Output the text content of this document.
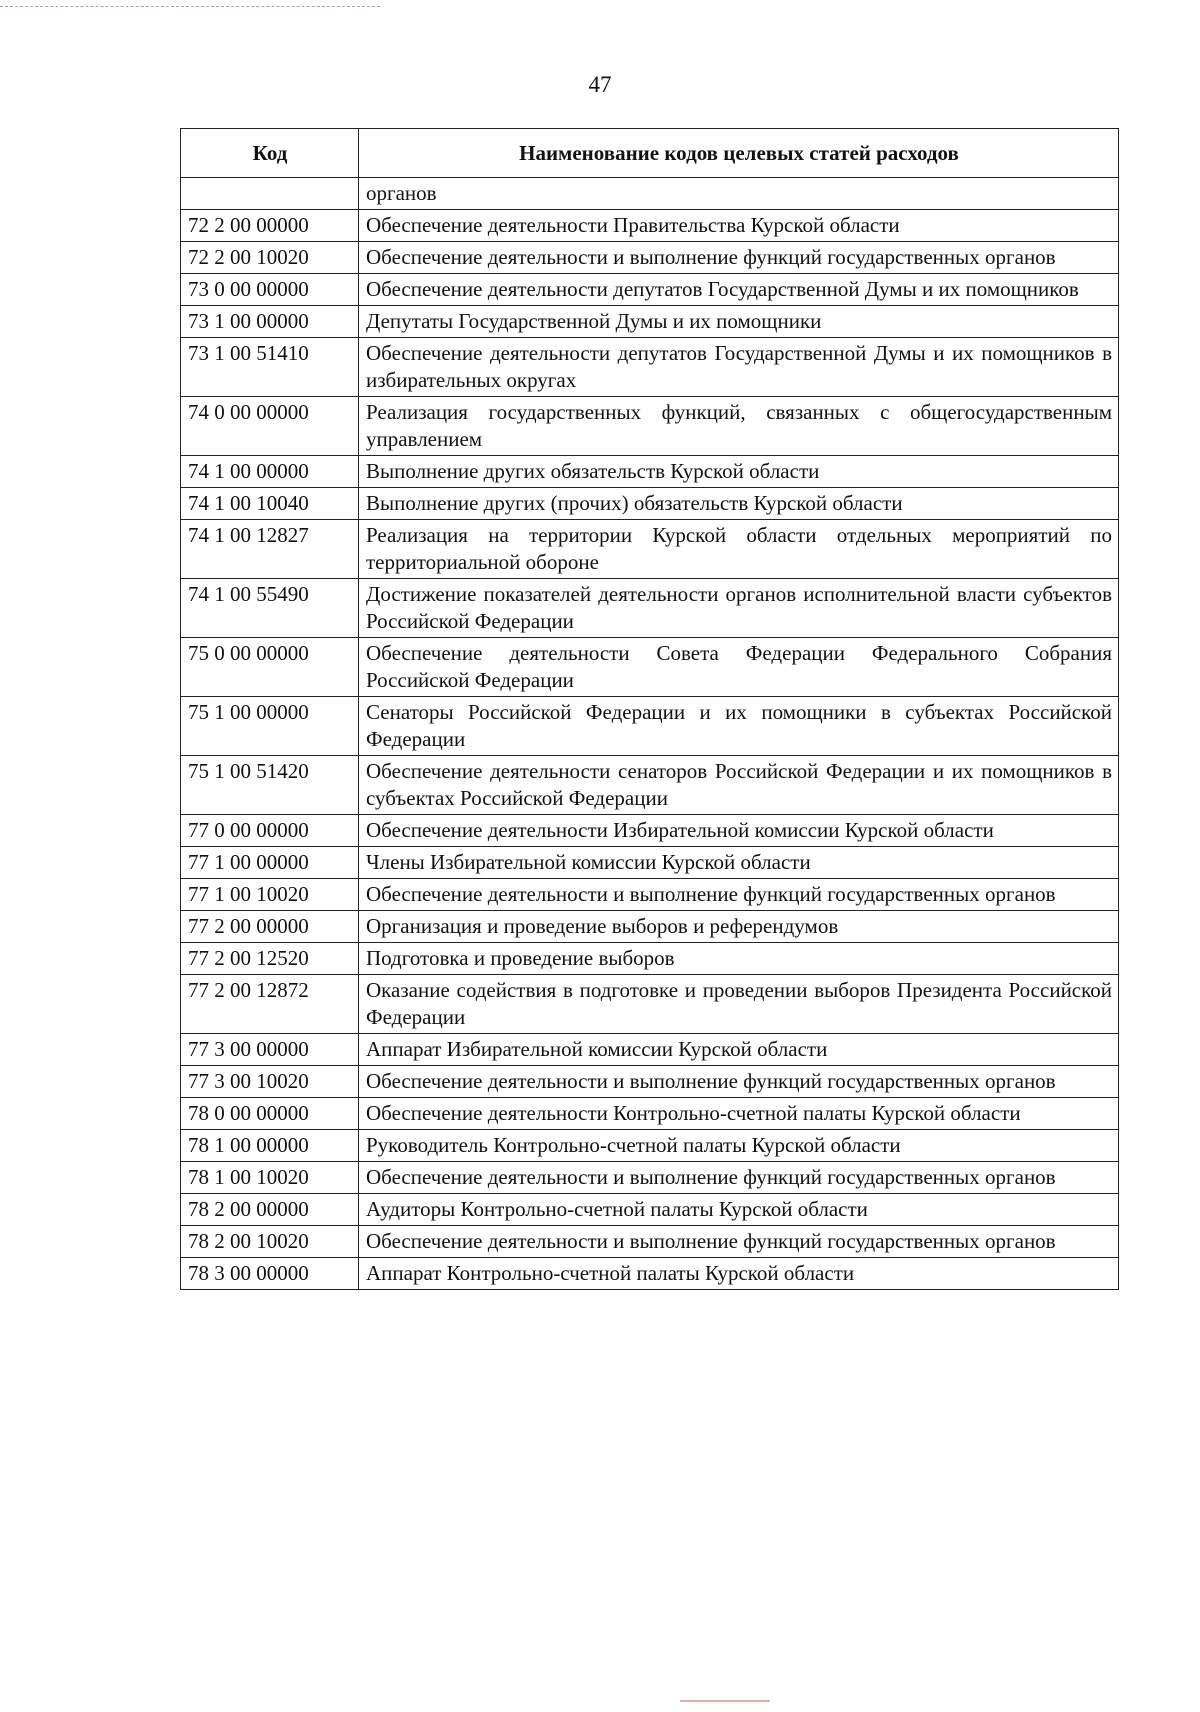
47
Код	Наименование кодов целевых статей расходов
	органов
72 2 00 00000	Обеспечение деятельности Правительства Курской области
72 2 00 10020	Обеспечение деятельности и выполнение функций государственных органов
73 0 00 00000	Обеспечение деятельности депутатов Государственной Думы и их помощников
73 1 00 00000	Депутаты Государственной Думы и их помощники
73 1 00 51410	Обеспечение деятельности депутатов Государственной Думы и их помощников в избирательных округах
74 0 00 00000	Реализация государственных функций, связанных с общегосударственным управлением
74 1 00 00000	Выполнение других обязательств Курской области
74 1 00 10040	Выполнение других (прочих) обязательств Курской области
74 1 00 12827	Реализация на территории Курской области отдельных мероприятий по территориальной обороне
74 1 00 55490	Достижение показателей деятельности органов исполнительной власти субъектов Российской Федерации
75 0 00 00000	Обеспечение деятельности Совета Федерации Федерального Собрания Российской Федерации
75 1 00 00000	Сенаторы Российской Федерации и их помощники в субъектах Российской Федерации
75 1 00 51420	Обеспечение деятельности сенаторов Российской Федерации и их помощников в субъектах Российской Федерации
77 0 00 00000	Обеспечение деятельности Избирательной комиссии Курской области
77 1 00 00000	Члены Избирательной комиссии Курской области
77 1 00 10020	Обеспечение деятельности и выполнение функций государственных органов
77 2 00 00000	Организация и проведение выборов и референдумов
77 2 00 12520	Подготовка и проведение выборов
77 2 00 12872	Оказание содействия в подготовке и проведении выборов Президента Российской Федерации
77 3 00 00000	Аппарат Избирательной комиссии Курской области
77 3 00 10020	Обеспечение деятельности и выполнение функций государственных органов
78 0 00 00000	Обеспечение деятельности Контрольно-счетной палаты Курской области
78 1 00 00000	Руководитель Контрольно-счетной палаты Курской области
78 1 00 10020	Обеспечение деятельности и выполнение функций государственных органов
78 2 00 00000	Аудиторы Контрольно-счетной палаты Курской области
78 2 00 10020	Обеспечение деятельности и выполнение функций государственных органов
78 3 00 00000	Аппарат Контрольно-счетной палаты Курской области
